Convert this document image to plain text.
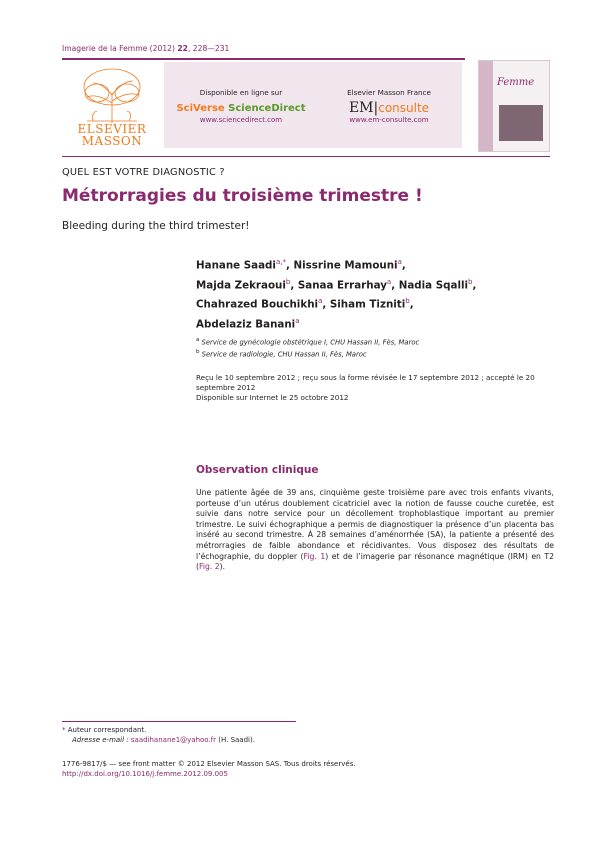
Imagerie de la Femme (2012) 22, 228—231
ELSEVIER
MASSON
Disponible en ligne sur
SciVerse ScienceDirect
www.sciencedirect.com
Elsevier Masson France
EM|consulte
www.em-consulte.com
Femme
QUEL EST VOTRE DIAGNOSTIC ?
Métrorragies du troisième trimestre !
Bleeding during the third trimester!
Hanane Saadi$^{a,*}$, Nissrine Mamouni$^a$,
Majda Zekraoui$^b$, Sanaa Errarhay$^a$, Nadia Sqalli$^b$,
Chahrazed Bouchikhi$^a$, Siham Tizniti$^b$,
Abdelaziz Banani$^a$
$^a$ Service de gynécologie obstétrique I, CHU Hassan II, Fès, Maroc
$^b$ Service de radiologie, CHU Hassan II, Fès, Maroc
Reçu le 10 septembre 2012 ; reçu sous la forme révisée le 17 septembre 2012 ; accepté le 20
septembre 2012
Disponible sur Internet le 25 octobre 2012
Observation clinique
Une patiente âgée de 39 ans, cinquième geste troisième pare avec trois enfants vivants, porteuse d’un utérus doublement cicatriciel avec la notion de fausse couche curetée, est suivie dans notre service pour un décollement trophoblastique important au premier trimestre. Le suivi échographique a permis de diagnostiquer la présence d’un placenta bas inséré au second trimestre. À 28 semaines d’aménorrhée (SA), la patiente a présenté des métrorragies de faible abondance et récidivantes. Vous disposez des résultats de l’échographie, du doppler (Fig. 1) et de l’imagerie par résonance magnétique (IRM) en T2 (Fig. 2).
* Auteur correspondant.
Adresse e-mail : saadihanane1@yahoo.fr (H. Saadi).
1776-9817/$ — see front matter © 2012 Elsevier Masson SAS. Tous droits réservés.
http://dx.doi.org/10.1016/j.femme.2012.09.005
